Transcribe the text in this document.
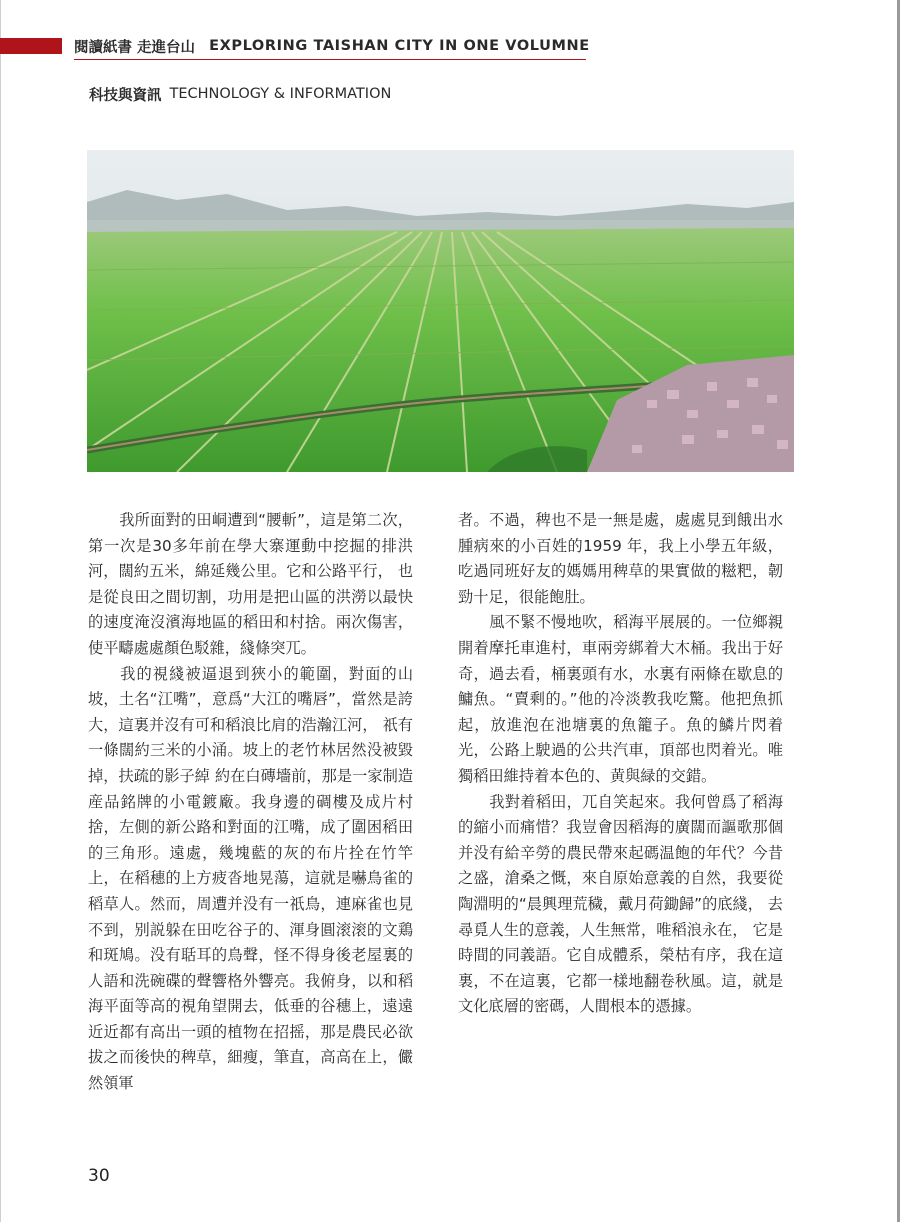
閱讀紙書 走進台山 EXPLORING TAISHAN CITY IN ONE VOLUMNE
科技與資訊 TECHNOLOGY & INFORMATION

我所面對的田峒遭到“腰斬”，這是第二次，第一次是30多年前在學大寨運動中挖掘的排洪河，闊約五米，綿延幾公里。它和公路平行， 也是從良田之間切割，功用是把山區的洪澇以最快的速度淹沒濱海地區的稻田和村捨。兩次傷害，使平疇處處顏色駁雜，綫條突兀。

我的視綫被逼退到狹小的範圍，對面的山坡，土名“江嘴”，意爲“大江的嘴唇”，當然是誇大，這裏并沒有可和稻浪比肩的浩瀚江河， 祇有一條闊約三米的小涌。坡上的老竹林居然没被毀掉，扶疏的影子綽 約在白磚墻前，那是一家制造産品銘牌的小電鍍廠。我身邊的碉樓及成片村捨，左側的新公路和對面的江嘴，成了圍困稻田的三角形。遠處，幾塊藍的灰的布片拴在竹竿上，在稻穗的上方疲沓地晃蕩，這就是嚇鳥雀的稻草人。然而，周遭并没有一祇鳥，連麻雀也見不到，别説躲在田吃谷子的、渾身圓滚滚的文鶏和斑鳩。没有聒耳的鳥聲，怪不得身後老屋裏的人語和洗碗碟的聲響格外響亮。我俯身，以和稻海平面等高的視角望開去，低垂的谷穗上，遠遠近近都有高出一頭的植物在招摇，那是農民必欲拔之而後快的稗草，細瘦，筆直，高高在上，儼然領軍

者。不過，稗也不是一無是處，處處見到餓出水腫病來的小百姓的1959 年，我上小學五年級，吃過同班好友的媽媽用稗草的果實做的糍粑，韌勁十足，很能飽肚。

風不緊不慢地吹，稻海平展展的。一位鄉親開着摩托車進村，車兩旁綁着大木桶。我出于好奇，過去看，桶裏頭有水，水裏有兩條在歇息的鱅魚。“賣剩的。”他的冷淡教我吃驚。他把魚抓起，放進泡在池塘裏的魚籠子。魚的鱗片閃着光，公路上駛過的公共汽車，頂部也閃着光。唯獨稻田維持着本色的、黄與緑的交錯。

我對着稻田，兀自笑起來。我何曾爲了稻海的縮小而痛惜？我豈會因稻海的廣闊而謳歌那個并没有給辛勞的農民帶來起碼温飽的年代？今昔之盛，滄桑之慨，來自原始意義的自然，我要從陶淵明的“晨興理荒穢，戴月荷鋤歸”的底綫， 去尋覓人生的意義，人生無常，唯稻浪永在， 它是時間的同義語。它自成體系，榮枯有序，我在這裏，不在這裏，它都一樣地翻卷秋風。這，就是文化底層的密碼，人間根本的憑據。

30
